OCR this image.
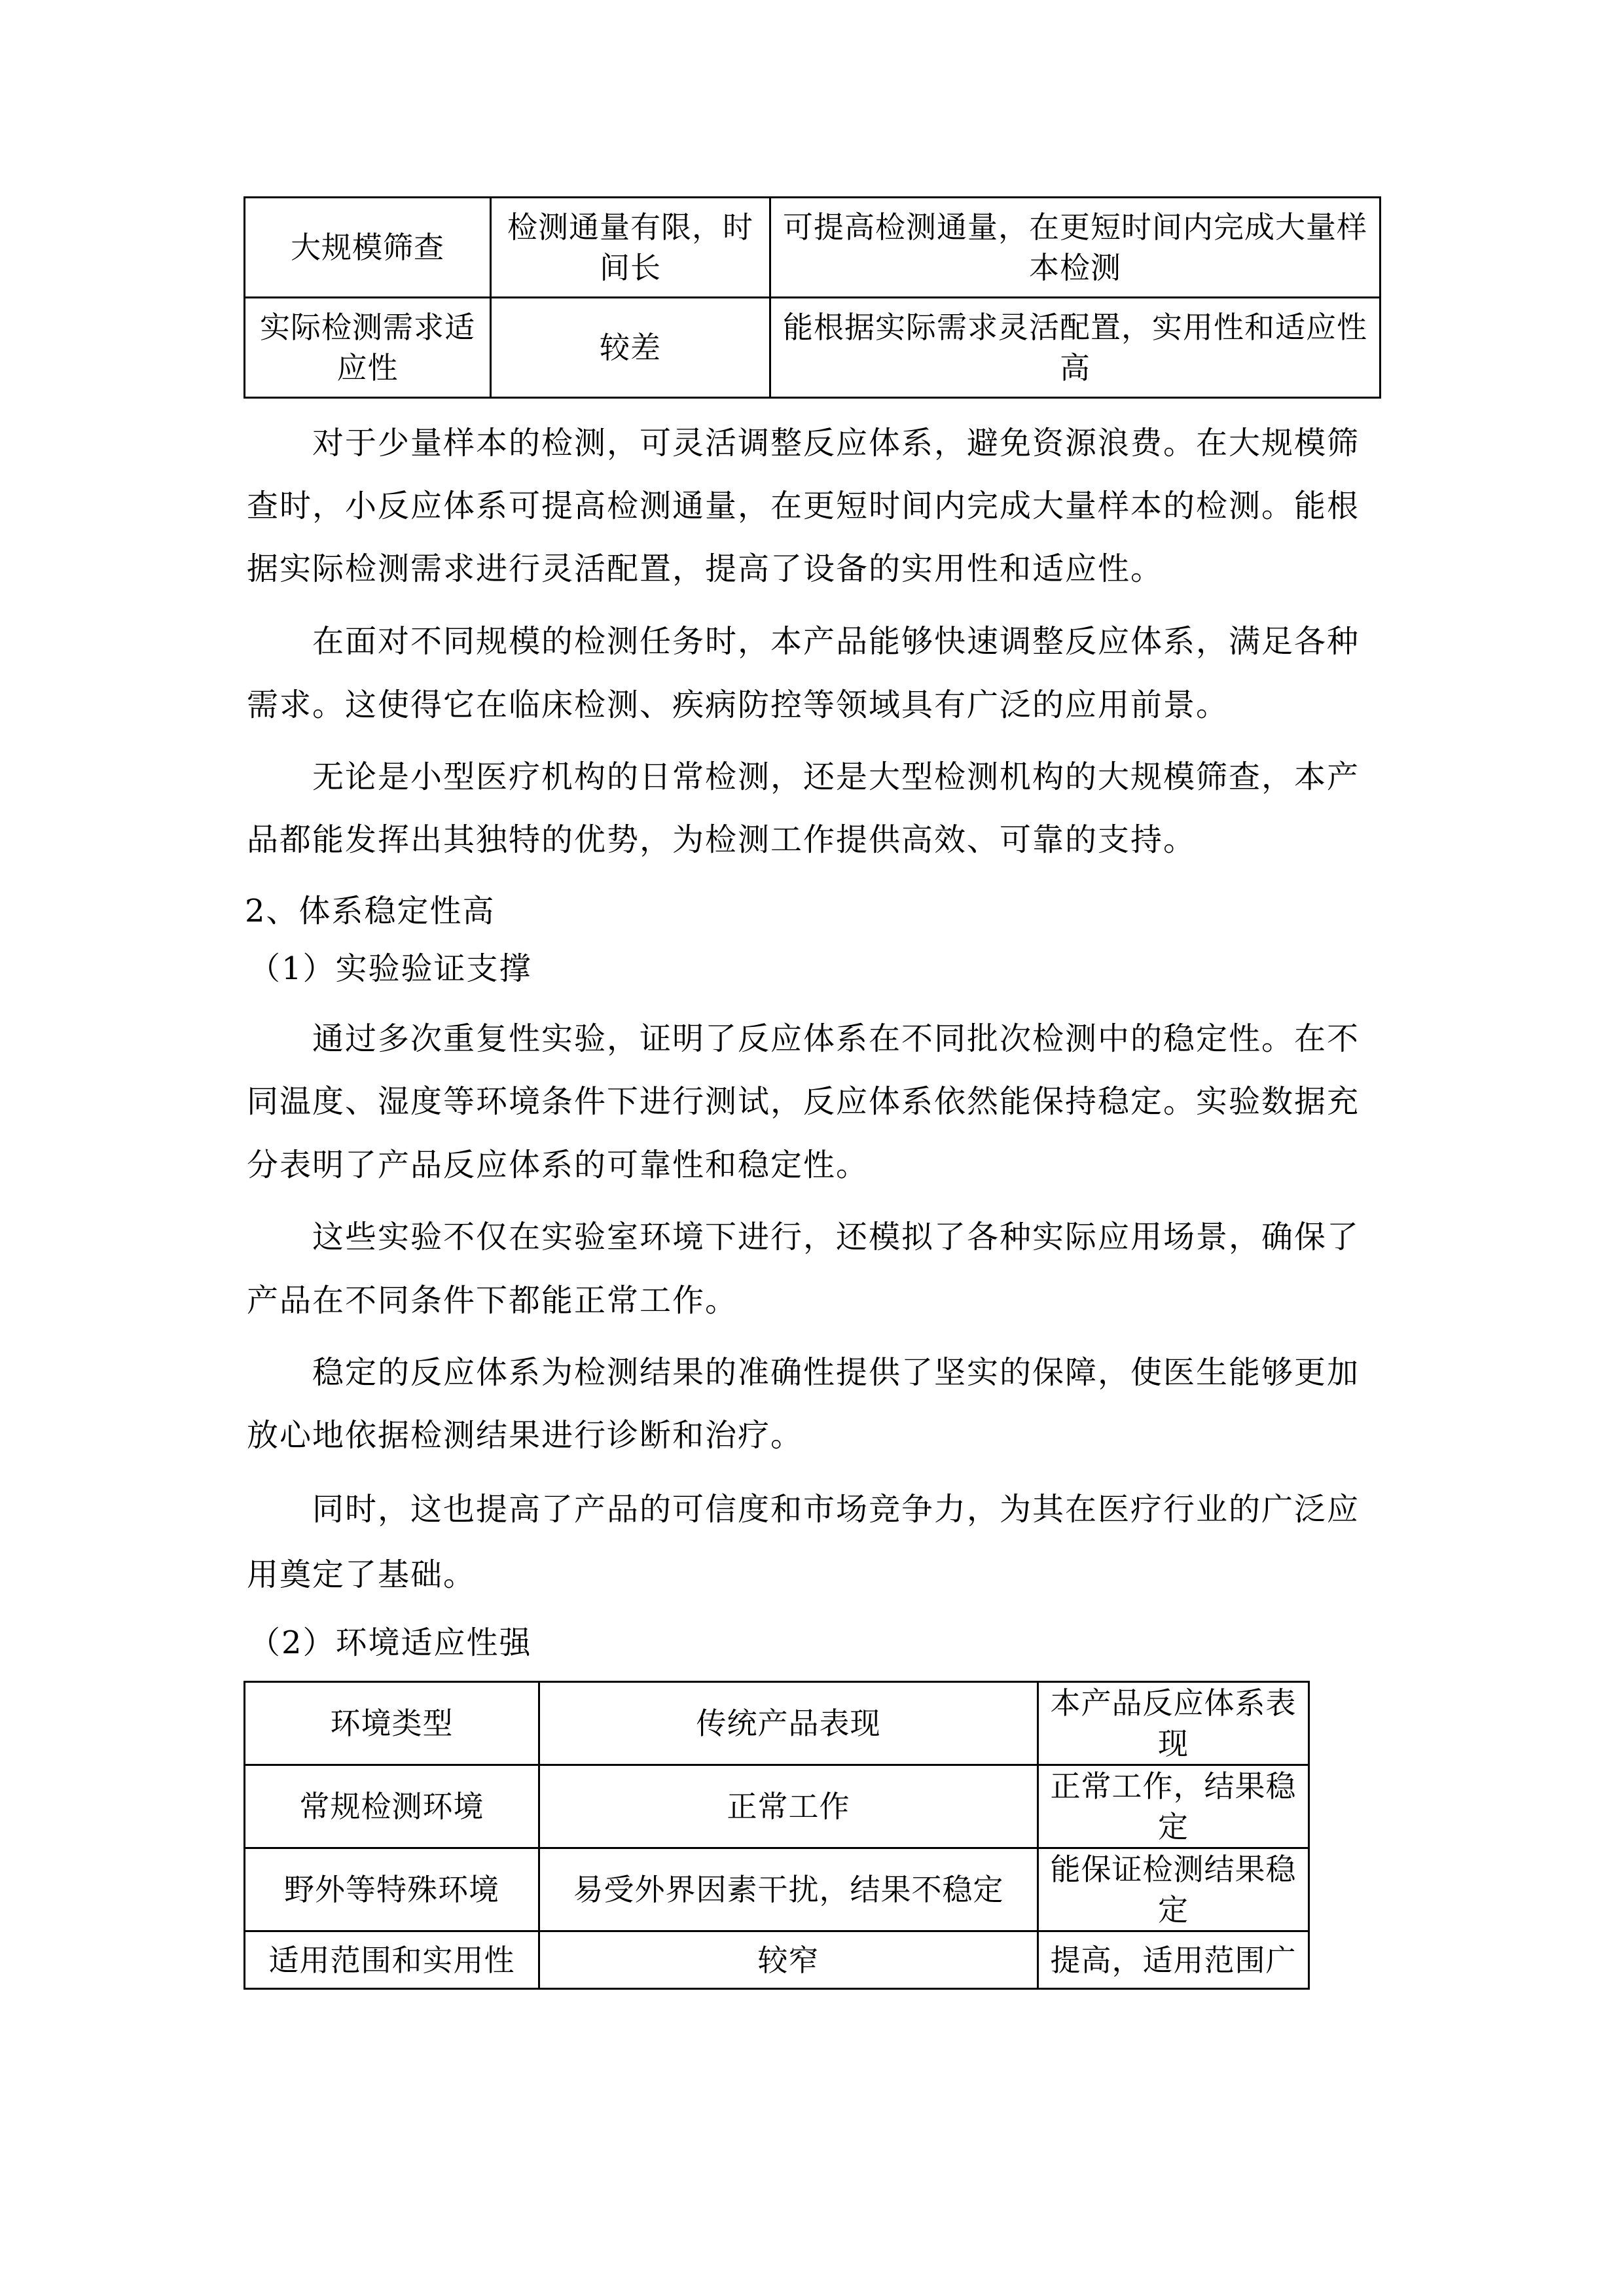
大规模筛查	检测通量有限，时间长	可提高检测通量，在更短时间内完成大量样本检测
实际检测需求适应性	较差	能根据实际需求灵活配置，实用性和适应性高
对于少量样本的检测，可灵活调整反应体系，避免资源浪费。在大规模筛
查时，小反应体系可提高检测通量，在更短时间内完成大量样本的检测。能根
据实际检测需求进行灵活配置，提高了设备的实用性和适应性。
在面对不同规模的检测任务时，本产品能够快速调整反应体系，满足各种
需求。这使得它在临床检测、疾病防控等领域具有广泛的应用前景。
无论是小型医疗机构的日常检测，还是大型检测机构的大规模筛查，本产
品都能发挥出其独特的优势，为检测工作提供高效、可靠的支持。
2、体系稳定性高
（1）实验验证支撑
通过多次重复性实验，证明了反应体系在不同批次检测中的稳定性。在不
同温度、湿度等环境条件下进行测试，反应体系依然能保持稳定。实验数据充
分表明了产品反应体系的可靠性和稳定性。
这些实验不仅在实验室环境下进行，还模拟了各种实际应用场景，确保了
产品在不同条件下都能正常工作。
稳定的反应体系为检测结果的准确性提供了坚实的保障，使医生能够更加
放心地依据检测结果进行诊断和治疗。
同时，这也提高了产品的可信度和市场竞争力，为其在医疗行业的广泛应
用奠定了基础。
（2）环境适应性强
环境类型	传统产品表现	本产品反应体系表现
常规检测环境	正常工作	正常工作，结果稳定
野外等特殊环境	易受外界因素干扰，结果不稳定	能保证检测结果稳定
适用范围和实用性	较窄	提高，适用范围广
